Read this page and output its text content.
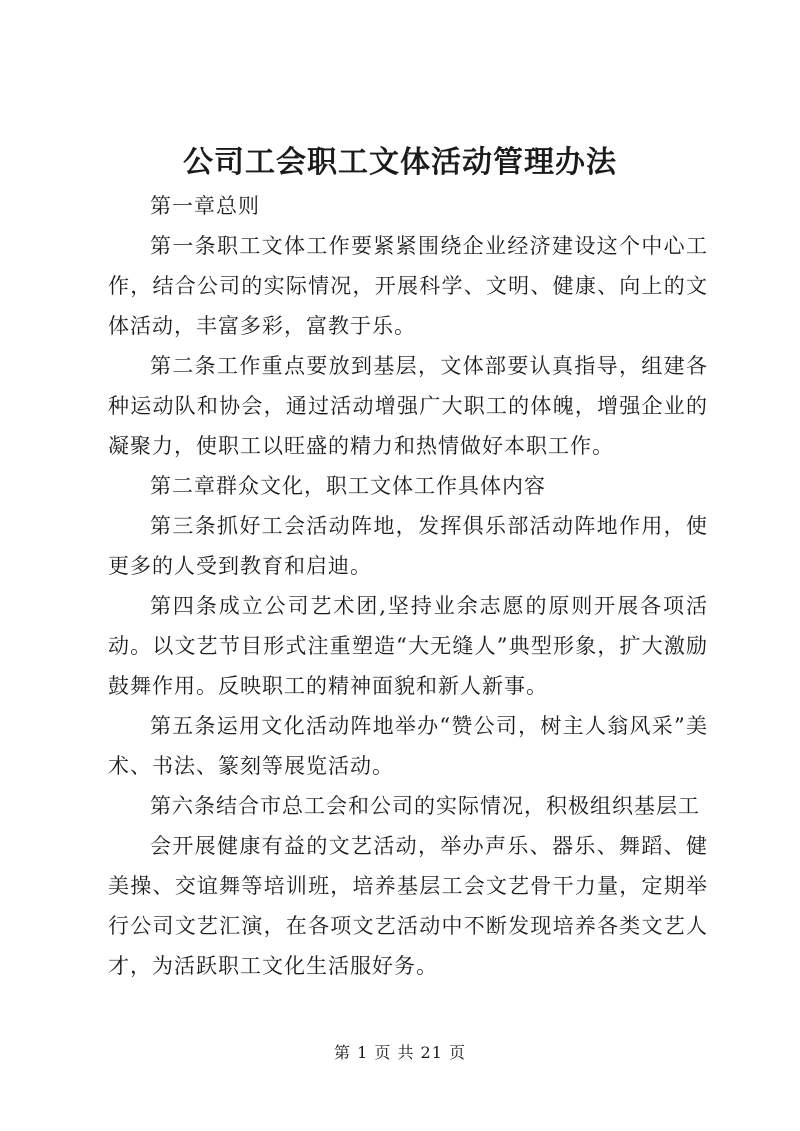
公司工会职工文体活动管理办法

第一章总则

第一条职工文体工作要紧紧围绕企业经济建设这个中心工作，结合公司的实际情况，开展科学、文明、健康、向上的文体活动，丰富多彩，富教于乐。

第二条工作重点要放到基层，文体部要认真指导，组建各种运动队和协会，通过活动增强广大职工的体魄，增强企业的凝聚力，使职工以旺盛的精力和热情做好本职工作。

第二章群众文化，职工文体工作具体内容

第三条抓好工会活动阵地，发挥俱乐部活动阵地作用，使更多的人受到教育和启迪。

第四条成立公司艺术团,坚持业余志愿的原则开展各项活动。以文艺节目形式注重塑造“大无缝人”典型形象，扩大激励鼓舞作用。反映职工的精神面貌和新人新事。

第五条运用文化活动阵地举办“赞公司，树主人翁风采”美术、书法、篆刻等展览活动。

第六条结合市总工会和公司的实际情况，积极组织基层工

会开展健康有益的文艺活动，举办声乐、器乐、舞蹈、健美操、交谊舞等培训班，培养基层工会文艺骨干力量，定期举行公司文艺汇演，在各项文艺活动中不断发现培养各类文艺人才，为活跃职工文化生活服好务。

第 1 页 共 21 页
